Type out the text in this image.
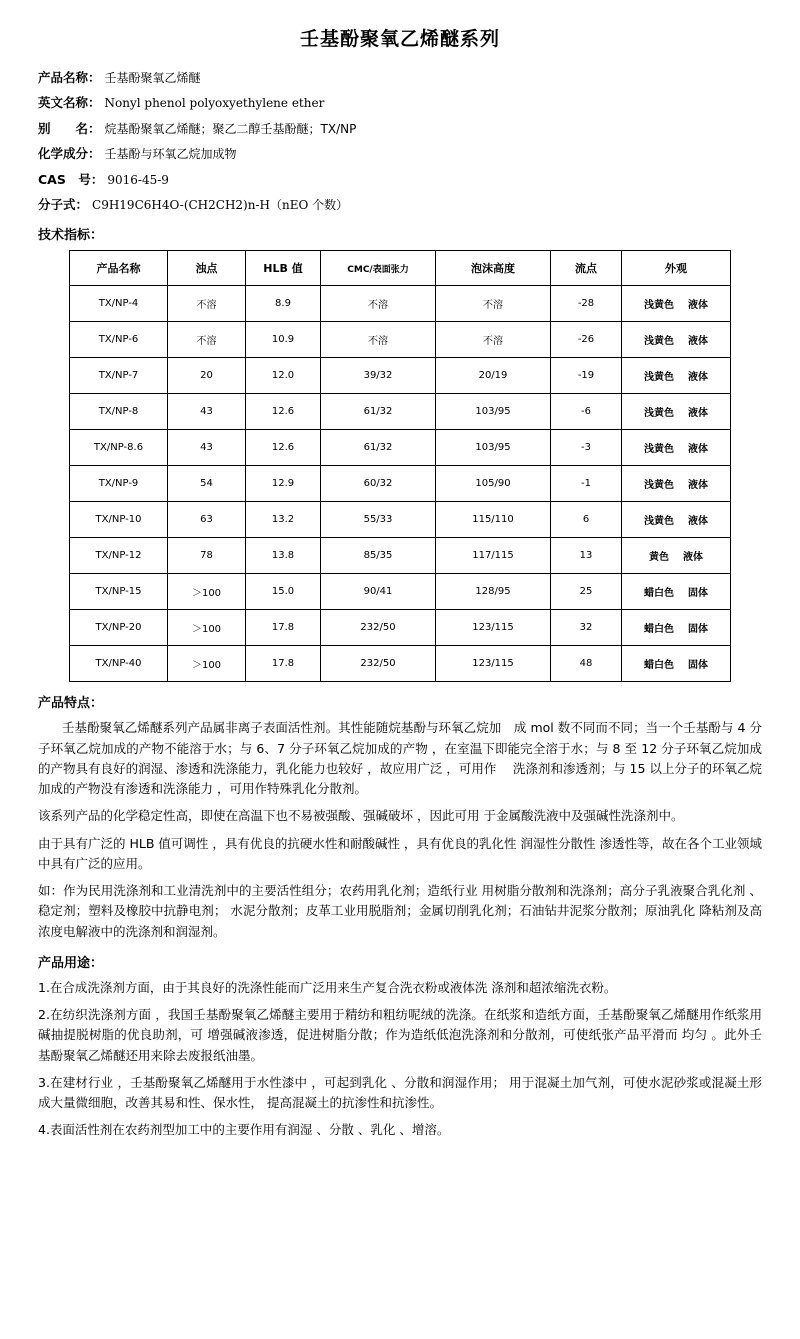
壬基酚聚氧乙烯醚系列
产品名称： 壬基酚聚氧乙烯醚
英文名称： Nonyl phenol polyoxyethylene ether
别　　名： 烷基酚聚氧乙烯醚；聚乙二醇壬基酚醚；TX/NP
化学成分： 壬基酚与环氧乙烷加成物
CAS　号： 9016-45-9
分子式： C9H19C6H4O-(CH2CH2)n-H（nEO 个数）
技术指标：
产品名称	浊点	HLB 值	CMC/表面张力	泡沫高度	流点	外观
TX/NP-4	不溶	8.9	不溶	不溶	-28	浅黄色 液体

TX/NP-6	不溶	10.9	不溶	不溶	-26	浅黄色 液体

TX/NP-7	20	12.0	39/32	20/19	-19	浅黄色 液体

TX/NP-8	43	12.6	61/32	103/95	-6	浅黄色 液体

TX/NP-8.6	43	12.6	61/32	103/95	-3	浅黄色 液体

TX/NP-9	54	12.9	60/32	105/90	-1	浅黄色 液体

TX/NP-10	63	13.2	55/33	115/110	6	浅黄色 液体

TX/NP-12	78	13.8	85/35	117/115	13	黄色 液体

TX/NP-15	＞100	15.0	90/41	128/95	25	蜡白色 固体

TX/NP-20	＞100	17.8	232/50	123/115	32	蜡白色 固体

TX/NP-40	＞100	17.8	232/50	123/115	48	蜡白色 固体
产品特点：

壬基酚聚氧乙烯醚系列产品属非离子表面活性剂。其性能随烷基酚与环氧乙烷加　成 mol 数不同而不同；当一个壬基酚与 4 分子环氧乙烷加成的产物不能溶于水；与 6、7 分子环氧乙烷加成的产物 ，在室温下即能完全溶于水；与 8 至 12 分子环氧乙烷加成的产物具有良好的润湿、渗透和洗涤能力，乳化能力也较好 ，故应用广泛 ，可用作 　洗涤剂和渗透剂；与 15 以上分子的环氧乙烷加成的产物没有渗透和洗涤能力 ，可用作特殊乳化分散剂。

该系列产品的化学稳定性高，即使在高温下也不易被强酸、强碱破坏 ，因此可用 于金属酸洗液中及强碱性洗涤剂中。

由于具有广泛的 HLB 值可调性 ，具有优良的抗硬水性和耐酸碱性 ，具有优良的乳化性 润湿性分散性 渗透性等，故在各个工业领域中具有广泛的应用。

如：作为民用洗涤剂和工业清洗剂中的主要活性组分；农药用乳化剂；造纸行业 用树脂分散剂和洗涤剂；高分子乳液聚合乳化剂 、稳定剂；塑料及橡胶中抗静电剂； 水泥分散剂；皮革工业用脱脂剂；金属切削乳化剂；石油钻井泥浆分散剂；原油乳化 降粘剂及高浓度电解液中的洗涤剂和润湿剂。

产品用途：

1.在合成洗涤剂方面，由于其良好的洗涤性能而广泛用来生产复合洗衣粉或液体洗 涤剂和超浓缩洗衣粉。

2.在纺织洗涤剂方面 ，我国壬基酚聚氧乙烯醚主要用于精纺和粗纺呢绒的洗涤。在纸浆和造纸方面，壬基酚聚氧乙烯醚用作纸浆用碱抽提脱树脂的优良助剂，可 增强碱液渗透，促进树脂分散；作为造纸低泡洗涤剂和分散剂，可使纸张产品平滑而 均匀 。此外壬基酚聚氧乙烯醚还用来除去废报纸油墨。

3.在建材行业 ，壬基酚聚氧乙烯醚用于水性漆中 ，可起到乳化 、分散和润湿作用； 用于混凝土加气剂，可使水泥砂浆或混凝土形成大量微细胞，改善其易和性、保水性， 提高混凝土的抗渗性和抗渗性。

4.表面活性剂在农药剂型加工中的主要作用有润湿 、分散 、乳化 、增溶。
